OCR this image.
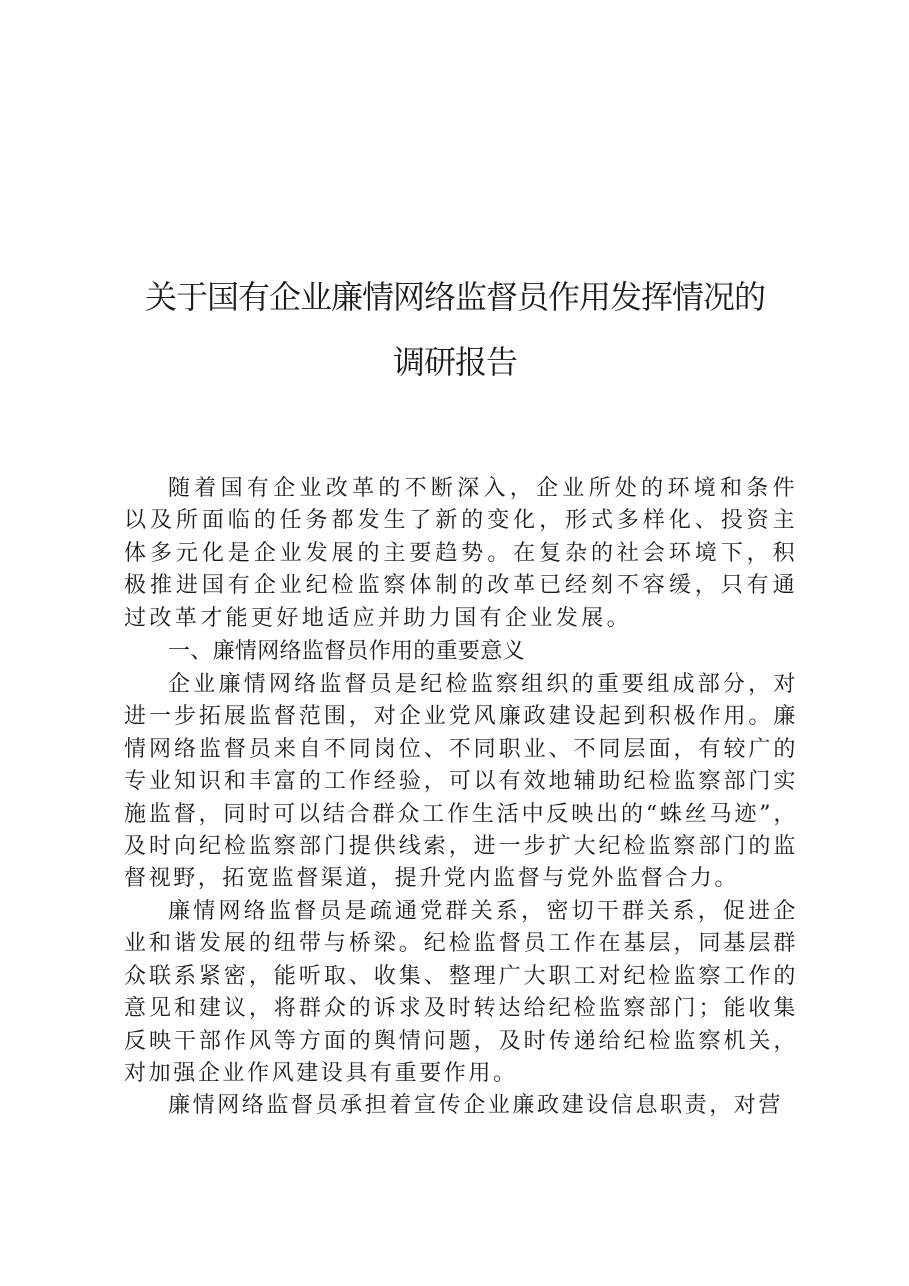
关于国有企业廉情网络监督员作用发挥情况的
调研报告

随着国有企业改革的不断深入，企业所处的环境和条件以及所面临的任务都发生了新的变化，形式多样化、投资主体多元化是企业发展的主要趋势。在复杂的社会环境下，积极推进国有企业纪检监察体制的改革已经刻不容缓，只有通过改革才能更好地适应并助力国有企业发展。

一、廉情网络监督员作用的重要意义

企业廉情网络监督员是纪检监察组织的重要组成部分，对进一步拓展监督范围，对企业党风廉政建设起到积极作用。廉情网络监督员来自不同岗位、不同职业、不同层面，有较广的专业知识和丰富的工作经验，可以有效地辅助纪检监察部门实施监督，同时可以结合群众工作生活中反映出的“蛛丝马迹”，及时向纪检监察部门提供线索，进一步扩大纪检监察部门的监督视野，拓宽监督渠道，提升党内监督与党外监督合力。

廉情网络监督员是疏通党群关系，密切干群关系，促进企业和谐发展的纽带与桥梁。纪检监督员工作在基层，同基层群众联系紧密，能听取、收集、整理广大职工对纪检监察工作的意见和建议，将群众的诉求及时转达给纪检监察部门；能收集反映干部作风等方面的舆情问题，及时传递给纪检监察机关，对加强企业作风建设具有重要作用。

廉情网络监督员承担着宣传企业廉政建设信息职责，对营
